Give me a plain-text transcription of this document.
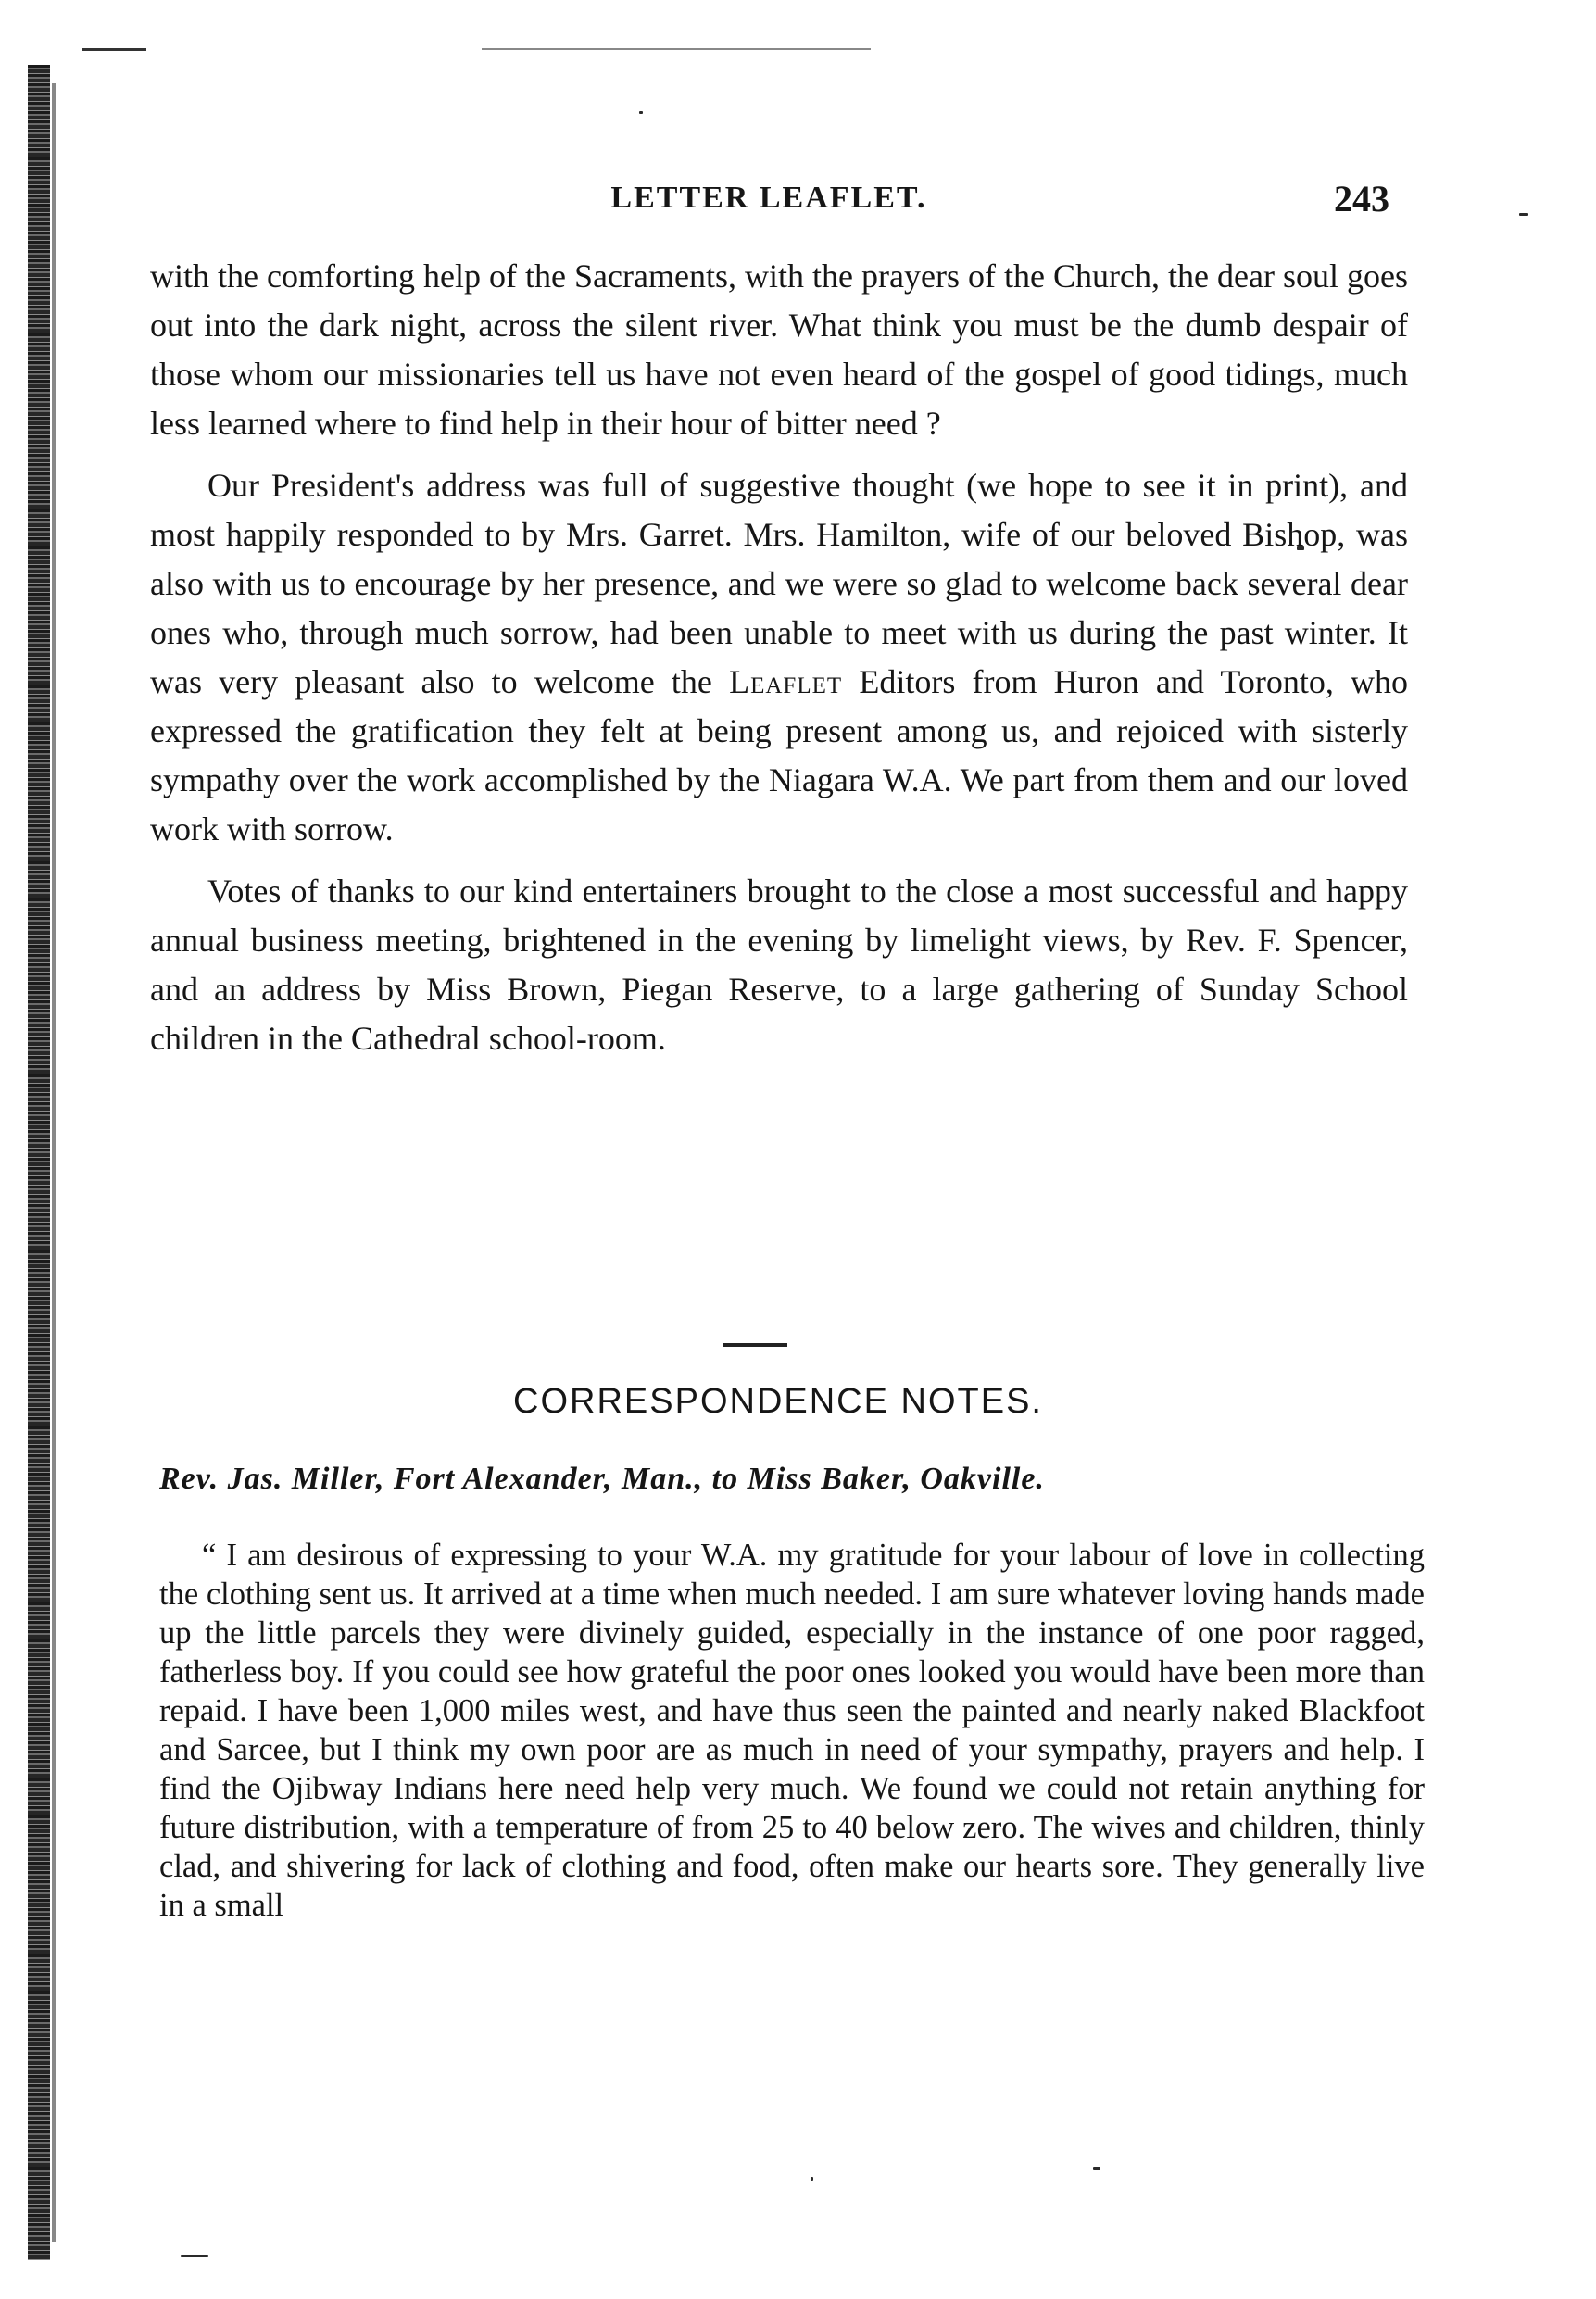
LETTER LEAFLET.	243

with the comforting help of the Sacraments, with the prayers of the Church, the dear soul goes out into the dark night, across the silent river. What think you must be the dumb despair of those whom our missionaries tell us have not even heard of the gospel of good tidings, much less learned where to find help in their hour of bitter need ?

Our President's address was full of suggestive thought (we hope to see it in print), and most happily responded to by Mrs. Garret. Mrs. Hamilton, wife of our beloved Bishop, was also with us to encourage by her presence, and we were so glad to welcome back several dear ones who, through much sorrow, had been unable to meet with us during the past winter. It was very pleasant also to welcome the Leaflet Editors from Huron and Toronto, who expressed the gratification they felt at being present among us, and rejoiced with sisterly sympathy over the work accomplished by the Niagara W.A. We part from them and our loved work with sorrow.

Votes of thanks to our kind entertainers brought to the close a most successful and happy annual business meeting, brightened in the evening by limelight views, by Rev. F. Spencer, and an address by Miss Brown, Piegan Reserve, to a large gathering of Sunday School children in the Cathedral school-room.

CORRESPONDENCE NOTES.
Rev. Jas. Miller, Fort Alexander, Man., to Miss Baker, Oakville.

“ I am desirous of expressing to your W.A. my gratitude for your labour of love in collecting the clothing sent us. It arrived at a time when much needed. I am sure whatever loving hands made up the little parcels they were divinely guided, especially in the instance of one poor ragged, fatherless boy. If you could see how grateful the poor ones looked you would have been more than repaid. I have been 1,000 miles west, and have thus seen the painted and nearly naked Blackfoot and Sarcee, but I think my own poor are as much in need of your sympathy, prayers and help. I find the Ojibway Indians here need help very much. We found we could not retain anything for future distribution, with a temperature of from 25 to 40 below zero. The wives and children, thinly clad, and shivering for lack of clothing and food, often make our hearts sore. They generally live in a small
